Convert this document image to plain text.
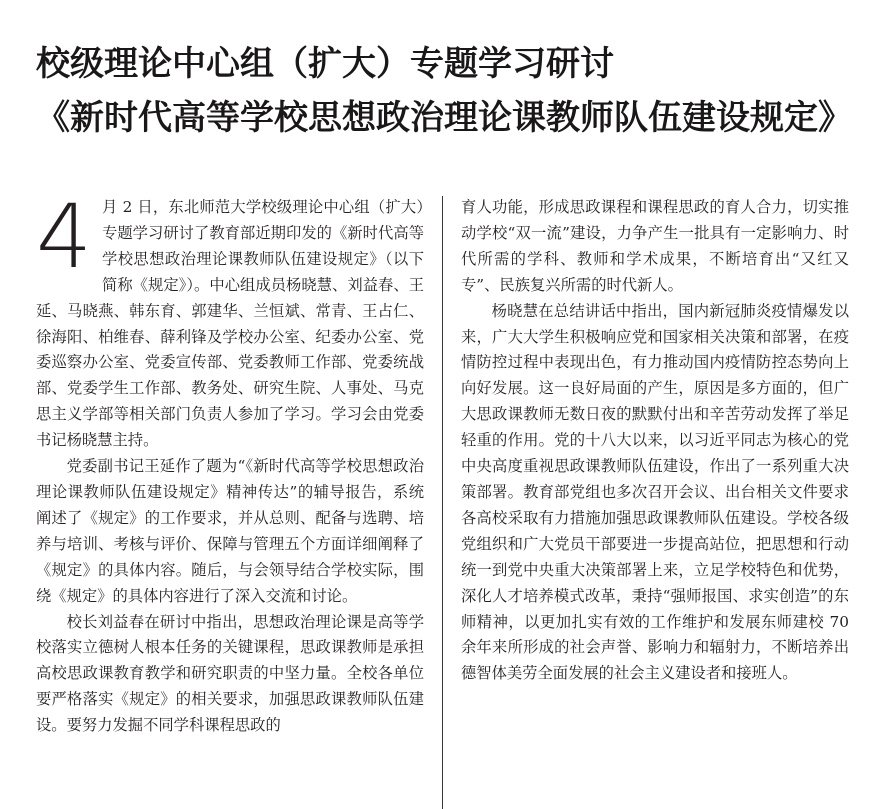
校级理论中心组（扩大）专题学习研讨
《新时代高等学校思想政治理论课教师队伍建设规定》

4 月 2 日，东北师范大学校级理论中心组（扩大）专题学习研讨了教育部近期印发的《新时代高等学校思想政治理论课教师队伍建设规定》（以下简称《规定》）。中心组成员杨晓慧、刘益春、王延、马晓燕、韩东育、郭建华、兰恒斌、常青、王占仁、徐海阳、柏维春、薛利锋及学校办公室、纪委办公室、党委巡察办公室、党委宣传部、党委教师工作部、党委统战部、党委学生工作部、教务处、研究生院、人事处、马克思主义学部等相关部门负责人参加了学习。学习会由党委书记杨晓慧主持。

党委副书记王延作了题为“《新时代高等学校思想政治理论课教师队伍建设规定》精神传达”的辅导报告，系统阐述了《规定》的工作要求，并从总则、配备与选聘、培养与培训、考核与评价、保障与管理五个方面详细阐释了《规定》的具体内容。随后，与会领导结合学校实际，围绕《规定》的具体内容进行了深入交流和讨论。

校长刘益春在研讨中指出，思想政治理论课是高等学校落实立德树人根本任务的关键课程，思政课教师是承担高校思政课教育教学和研究职责的中坚力量。全校各单位要严格落实《规定》的相关要求，加强思政课教师队伍建设。要努力发掘不同学科课程思政的

育人功能，形成思政课程和课程思政的育人合力，切实推动学校“双一流”建设，力争产生一批具有一定影响力、时代所需的学科、教师和学术成果，不断培育出“又红又专”、民族复兴所需的时代新人。

杨晓慧在总结讲话中指出，国内新冠肺炎疫情爆发以来，广大大学生积极响应党和国家相关决策和部署，在疫情防控过程中表现出色，有力推动国内疫情防控态势向上向好发展。这一良好局面的产生，原因是多方面的，但广大思政课教师无数日夜的默默付出和辛苦劳动发挥了举足轻重的作用。党的十八大以来，以习近平同志为核心的党中央高度重视思政课教师队伍建设，作出了一系列重大决策部署。教育部党组也多次召开会议、出台相关文件要求各高校采取有力措施加强思政课教师队伍建设。学校各级党组织和广大党员干部要进一步提高站位，把思想和行动统一到党中央重大决策部署上来，立足学校特色和优势，深化人才培养模式改革，秉持“强师报国、求实创造”的东师精神，以更加扎实有效的工作维护和发展东师建校 70 余年来所形成的社会声誉、影响力和辐射力，不断培养出德智体美劳全面发展的社会主义建设者和接班人。
